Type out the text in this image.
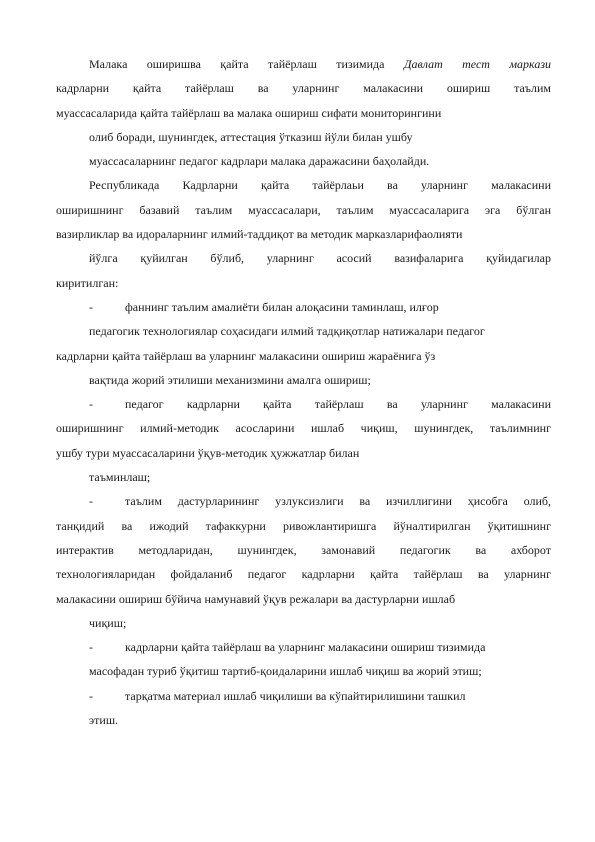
Малака оширишва қайта тайёрлаш тизимида Давлат тест маркази
кадрларни қайта тайёрлаш ва уларнинг малакасини ошириш таълим
муассасаларида қайта тайёрлаш ва малака ошириш сифати мониторингини
олиб боради, шунингдек, аттестация ўтказиш йўли билан ушбу
муассасаларнинг педагог кадрлари малака даражасини баҳолайди.
Республикада Кадрларни қайта тайёрлаьи ва уларнинг малакасини
оширишнинг базавий таълим муассасалари, таълим муассасаларига эга бўлган
вазирликлар ва идораларнинг илмий-таддиқот ва методик марказларифаолияти
йўлга қуйилган бўлиб, уларнинг асосий вазифаларига қуйидагилар
киритилган:
-	фаннинг таълим амалиёти билан алоқасини таминлаш, илғор
педагогик технологиялар соҳасидаги илмий тадқиқотлар натижалари педагог
кадрларни қайта тайёрлаш ва уларнинг малакасини ошириш жараёнига ўз
вақтида жорий этилиши механизмини амалга ошириш;
-	педагог кадрларни қайта тайёрлаш ва уларнинг малакасини
оширишнинг илмий-методик асосларини ишлаб чиқиш, шунингдек, таълимнинг
ушбу тури муассасаларини ўқув-методик ҳужжатлар билан
таъминлаш;
-	таълим дастурларининг узлуксизлиги ва изчиллигини ҳисобга олиб,
танқидий ва ижодий тафаккурни ривожлантиришга йўналтирилган ўқитишнинг
интерактив методларидан, шунингдек, замонавий педагогик ва ахборот
технологияларидан фойдаланиб педагог кадрларни қайта тайёрлаш ва уларнинг
малакасини ошириш бўйича намунавий ўқув режалари ва дастурларни ишлаб
чиқиш;
-	кадрларни қайта тайёрлаш ва уларнинг малакасини ошириш тизимида
масофадан туриб ўқитиш тартиб-қоидаларини ишлаб чиқиш ва жорий этиш;
-	тарқатма материал ишлаб чиқилиши ва кўпайтирилишини ташкил
этиш.
